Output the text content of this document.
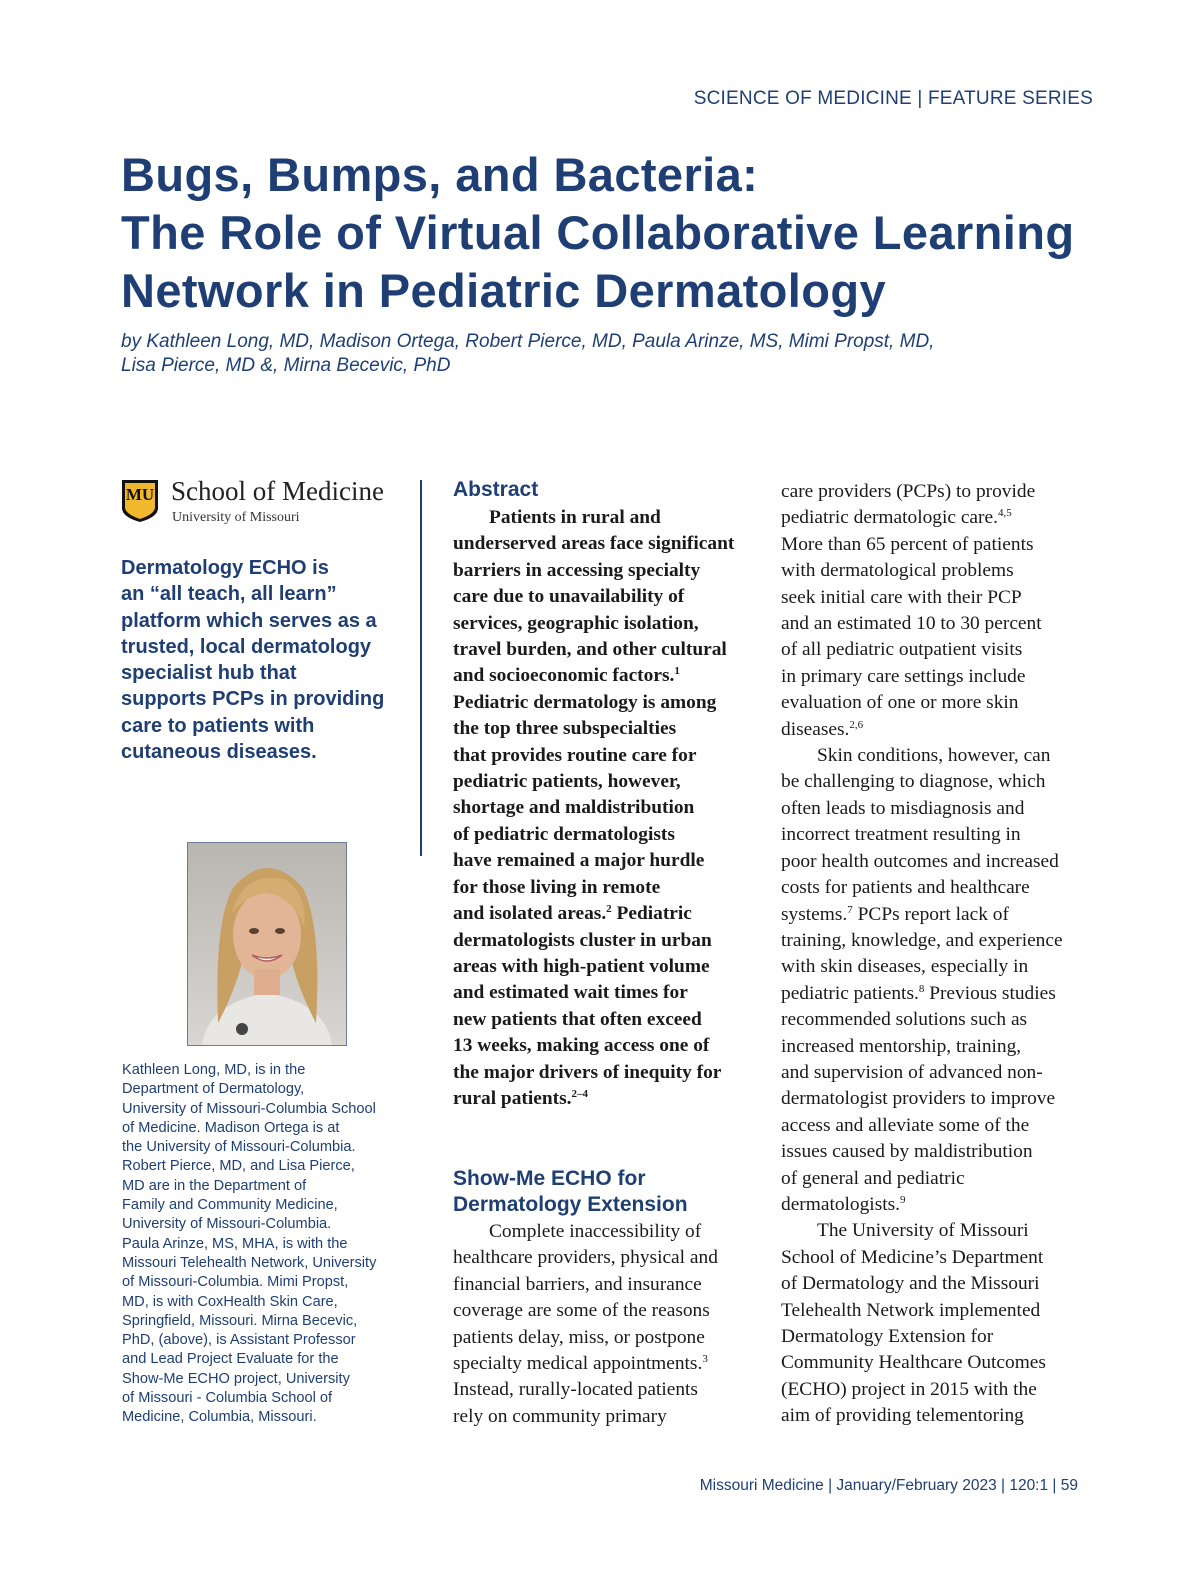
SCIENCE OF MEDICINE | FEATURE SERIES
Bugs, Bumps, and Bacteria:
The Role of Virtual Collaborative Learning
Network in Pediatric Dermatology
by Kathleen Long, MD, Madison Ortega, Robert Pierce, MD, Paula Arinze, MS, Mimi Propst, MD,
Lisa Pierce, MD &, Mirna Becevic, PhD
MU School of Medicine
University of Missouri
Dermatology ECHO is
an “all teach, all learn”
platform which serves as a
trusted, local dermatology
specialist hub that
supports PCPs in providing
care to patients with
cutaneous diseases.
Kathleen Long, MD, is in the
Department of Dermatology,
University of Missouri-Columbia School
of Medicine. Madison Ortega is at
the University of Missouri-Columbia.
Robert Pierce, MD, and Lisa Pierce,
MD are in the Department of
Family and Community Medicine,
University of Missouri-Columbia.
Paula Arinze, MS, MHA, is with the
Missouri Telehealth Network, University
of Missouri-Columbia. Mimi Propst,
MD, is with CoxHealth Skin Care,
Springfield, Missouri. Mirna Becevic,
PhD, (above), is Assistant Professor
and Lead Project Evaluate for the
Show-Me ECHO project, University
of Missouri - Columbia School of
Medicine, Columbia, Missouri.
Abstract
Patients in rural and
underserved areas face significant
barriers in accessing specialty
care due to unavailability of
services, geographic isolation,
travel burden, and other cultural
and socioeconomic factors.$^1$
Pediatric dermatology is among
the top three subspecialties
that provides routine care for
pediatric patients, however,
shortage and maldistribution
of pediatric dermatologists
have remained a major hurdle
for those living in remote
and isolated areas.$^2$ Pediatric
dermatologists cluster in urban
areas with high-patient volume
and estimated wait times for
new patients that often exceed
13 weeks, making access one of
the major drivers of inequity for
rural patients.$^{2-4}$
Show-Me ECHO for
Dermatology Extension
Complete inaccessibility of
healthcare providers, physical and
financial barriers, and insurance
coverage are some of the reasons
patients delay, miss, or postpone
specialty medical appointments.$^3$
Instead, rurally-located patients
rely on community primary
care providers (PCPs) to provide
pediatric dermatologic care.$^{4,5}$
More than 65 percent of patients
with dermatological problems
seek initial care with their PCP
and an estimated 10 to 30 percent
of all pediatric outpatient visits
in primary care settings include
evaluation of one or more skin
diseases.$^{2,6}$
Skin conditions, however, can
be challenging to diagnose, which
often leads to misdiagnosis and
incorrect treatment resulting in
poor health outcomes and increased
costs for patients and healthcare
systems.$^7$ PCPs report lack of
training, knowledge, and experience
with skin diseases, especially in
pediatric patients.$^8$ Previous studies
recommended solutions such as
increased mentorship, training,
and supervision of advanced non-
dermatologist providers to improve
access and alleviate some of the
issues caused by maldistribution
of general and pediatric
dermatologists.$^9$
The University of Missouri
School of Medicine’s Department
of Dermatology and the Missouri
Telehealth Network implemented
Dermatology Extension for
Community Healthcare Outcomes
(ECHO) project in 2015 with the
aim of providing telementoring
Missouri Medicine | January/February 2023 | 120:1 | 59
